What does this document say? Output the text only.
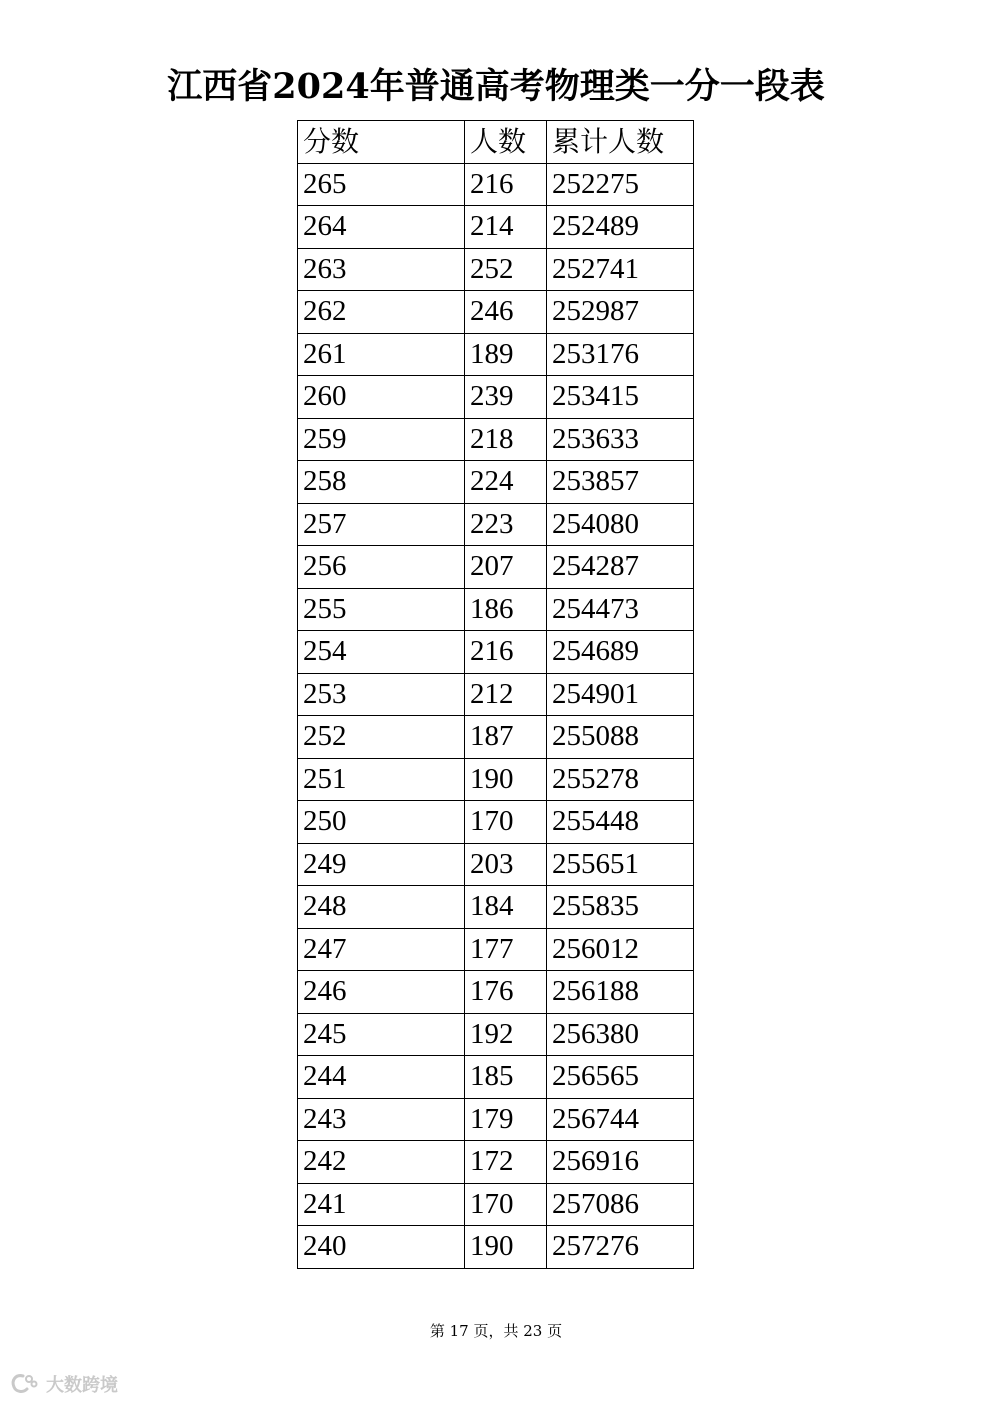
江西省2024年普通高考物理类一分一段表
分数	人数	累计人数
265	216	252275
264	214	252489
263	252	252741
262	246	252987
261	189	253176
260	239	253415
259	218	253633
258	224	253857
257	223	254080
256	207	254287
255	186	254473
254	216	254689
253	212	254901
252	187	255088
251	190	255278
250	170	255448
249	203	255651
248	184	255835
247	177	256012
246	176	256188
245	192	256380
244	185	256565
243	179	256744
242	172	256916
241	170	257086
240	190	257276
第 17 页，共 23 页
大数跨境
